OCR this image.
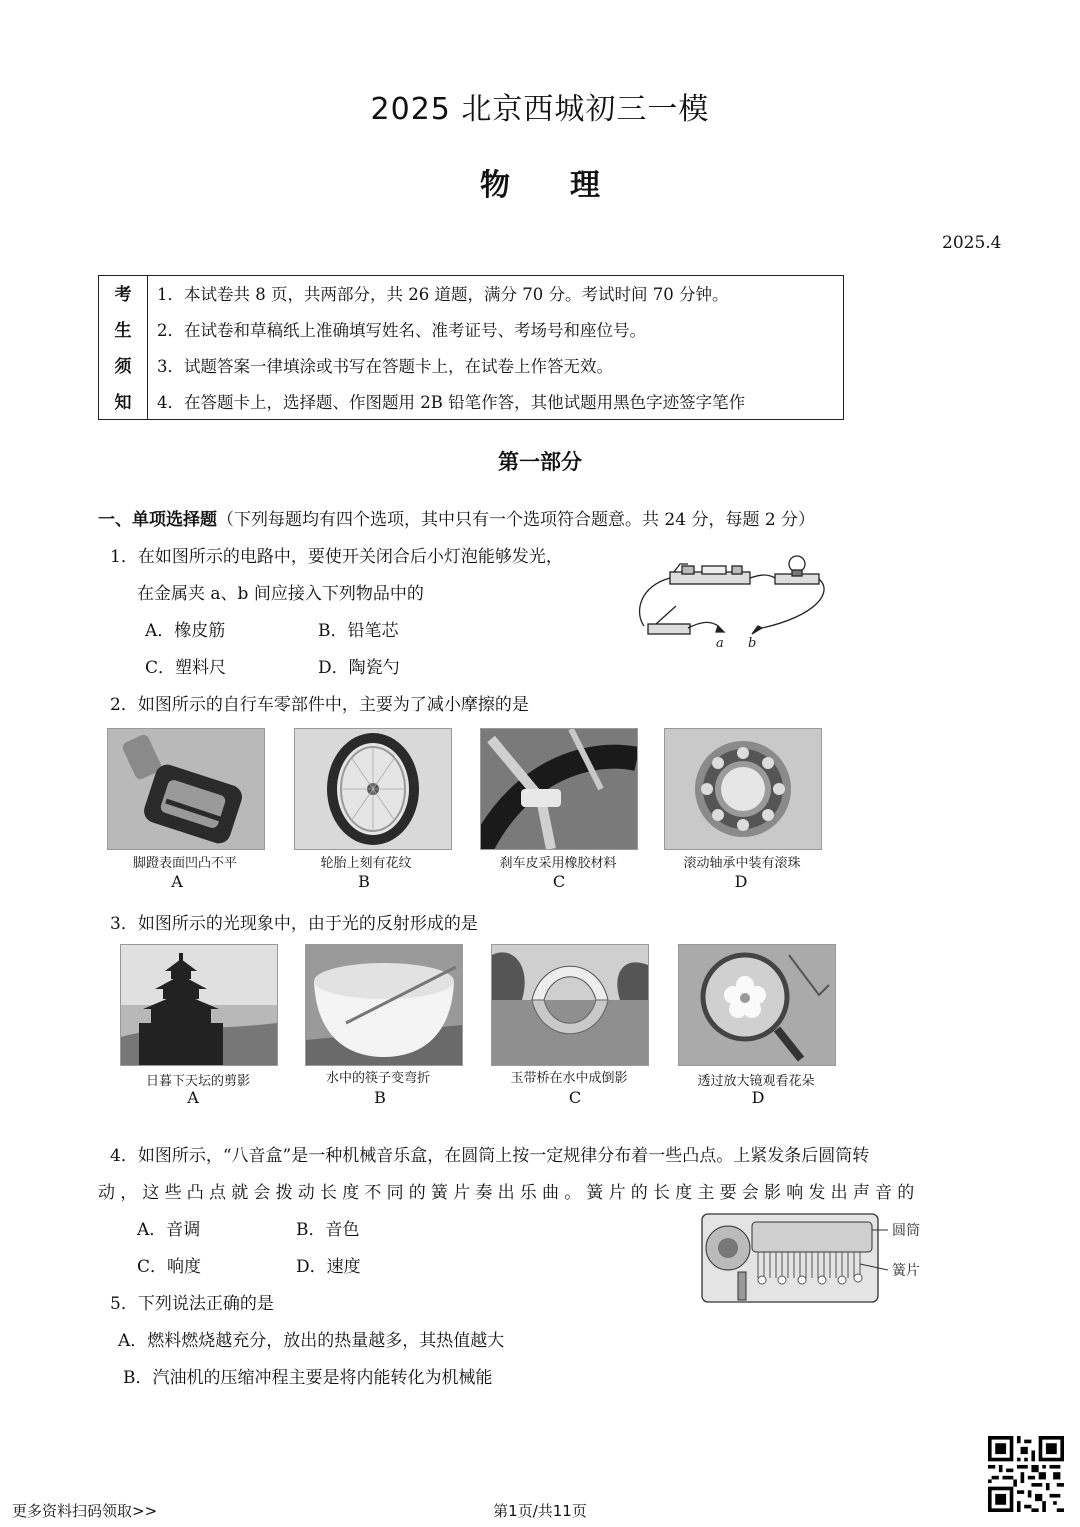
2025 北京西城初三一模
物理
2025.4
考
生
须
知
1．本试卷共 8 页，共两部分，共 26 道题，满分 70 分。考试时间 70 分钟。
2．在试卷和草稿纸上准确填写姓名、准考证号、考场号和座位号。
3．试题答案一律填涂或书写在答题卡上，在试卷上作答无效。
4．在答题卡上，选择题、作图题用 2B 铅笔作答，其他试题用黑色字迹签字笔作
第一部分
一、单项选择题（下列每题均有四个选项，其中只有一个选项符合题意。共 24 分，每题 2 分）
1．在如图所示的电路中，要使开关闭合后小灯泡能够发光，
在金属夹 a、b 间应接入下列物品中的
A．橡皮筋	B．铅笔芯
C．塑料尺	D．陶瓷勺
a b
2．如图所示的自行车零部件中，主要为了减小摩擦的是
脚蹬表面凹凸不平	轮胎上刻有花纹	刹车皮采用橡胶材料	滚动轴承中装有滚珠
A	B	C	D
3．如图所示的光现象中，由于光的反射形成的是
日暮下天坛的剪影	水中的筷子变弯折	玉带桥在水中成倒影	透过放大镜观看花朵
A	B	C	D
4．如图所示，“八音盒”是一种机械音乐盒，在圆筒上按一定规律分布着一些凸点。上紧发条后圆筒转
动，这些凸点就会拨动长度不同的簧片奏出乐曲。簧片的长度主要会影响发出声音的
A．音调	B．音色
C．响度	D．速度
圆筒
簧片
5．下列说法正确的是
A．燃料燃烧越充分，放出的热量越多，其热值越大
B．汽油机的压缩冲程主要是将内能转化为机械能
更多资料扫码领取>>	第1页/共11页
